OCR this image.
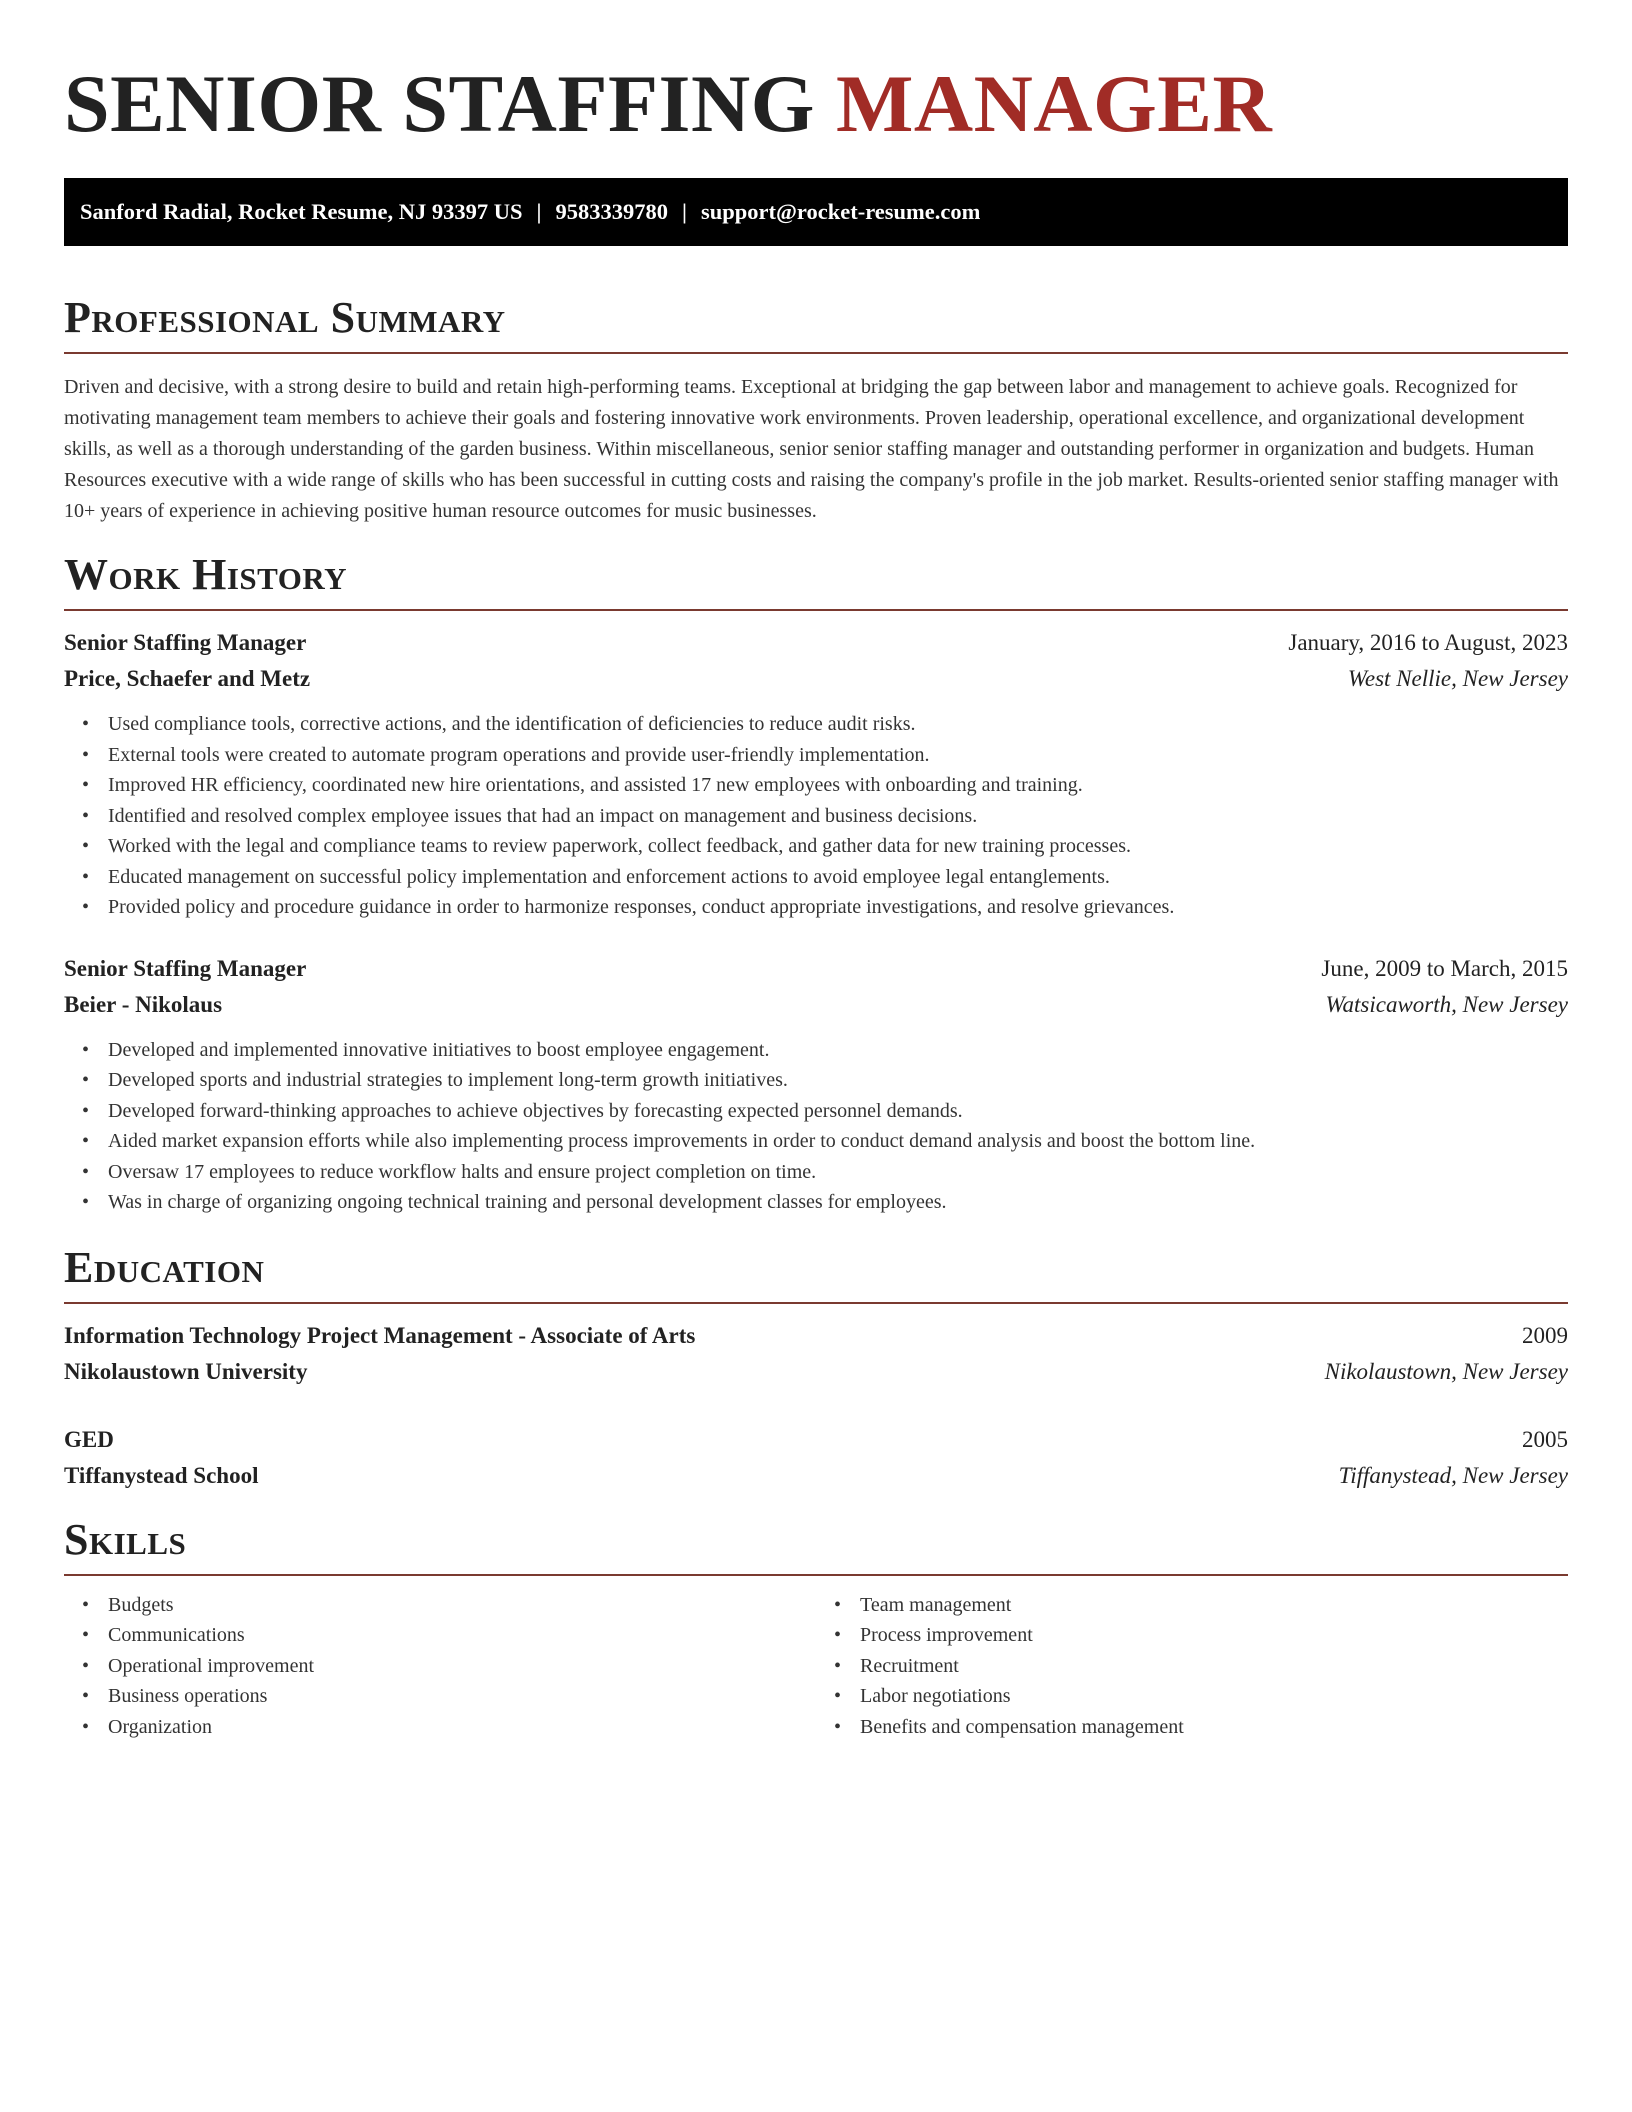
SENIOR STAFFING MANAGER
Sanford Radial, Rocket Resume, NJ 93397 US | 9583339780 | support@rocket-resume.com
Professional Summary

Driven and decisive, with a strong desire to build and retain high-performing teams. Exceptional at bridging the gap between labor and management to achieve goals. Recognized for motivating management team members to achieve their goals and fostering innovative work environments. Proven leadership, operational excellence, and organizational development skills, as well as a thorough understanding of the garden business. Within miscellaneous, senior senior staffing manager and outstanding performer in organization and budgets. Human Resources executive with a wide range of skills who has been successful in cutting costs and raising the company's profile in the job market. Results-oriented senior staffing manager with 10+ years of experience in achieving positive human resource outcomes for music businesses.

Work History
Senior Staffing Manager	January, 2016 to August, 2023
Price, Schaefer and Metz	West Nellie, New Jersey
• Used compliance tools, corrective actions, and the identification of deficiencies to reduce audit risks.
• External tools were created to automate program operations and provide user-friendly implementation.
• Improved HR efficiency, coordinated new hire orientations, and assisted 17 new employees with onboarding and training.
• Identified and resolved complex employee issues that had an impact on management and business decisions.
• Worked with the legal and compliance teams to review paperwork, collect feedback, and gather data for new training processes.
• Educated management on successful policy implementation and enforcement actions to avoid employee legal entanglements.
• Provided policy and procedure guidance in order to harmonize responses, conduct appropriate investigations, and resolve grievances.
Senior Staffing Manager	June, 2009 to March, 2015
Beier - Nikolaus	Watsicaworth, New Jersey
• Developed and implemented innovative initiatives to boost employee engagement.
• Developed sports and industrial strategies to implement long-term growth initiatives.
• Developed forward-thinking approaches to achieve objectives by forecasting expected personnel demands.
• Aided market expansion efforts while also implementing process improvements in order to conduct demand analysis and boost the bottom line.
• Oversaw 17 employees to reduce workflow halts and ensure project completion on time.
• Was in charge of organizing ongoing technical training and personal development classes for employees.
Education
Information Technology Project Management - Associate of Arts	2009
Nikolaustown University	Nikolaustown, New Jersey
GED	2005
Tiffanystead School	Tiffanystead, New Jersey
Skills
• Budgets
• Communications
• Operational improvement
• Business operations
• Organization
• Team management
• Process improvement
• Recruitment
• Labor negotiations
• Benefits and compensation management
